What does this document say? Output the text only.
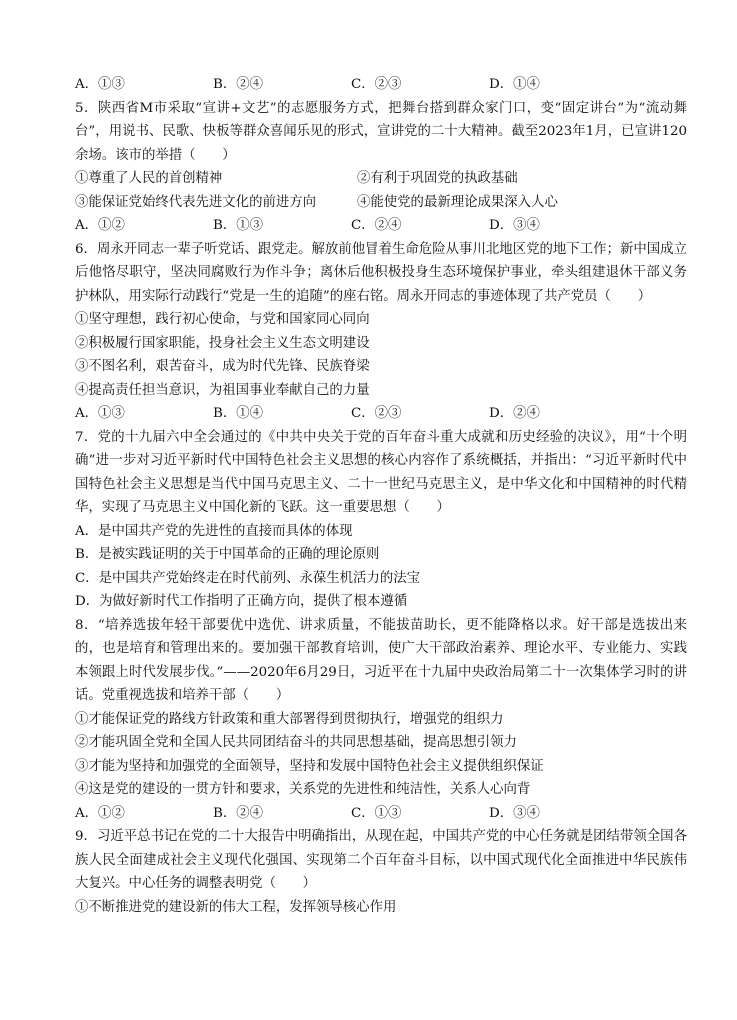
A．①③	B．②④	C．②③	D．①④
5．陕西省M市采取“宣讲+文艺”的志愿服务方式，把舞台搭到群众家门口，变“固定讲台”为“流动舞台”，用说书、民歌、快板等群众喜闻乐见的形式，宣讲党的二十大精神。截至2023年1月，已宣讲120余场。该市的举措（　　）
①尊重了人民的首创精神	②有利于巩固党的执政基础
③能保证党始终代表先进文化的前进方向	④能使党的最新理论成果深入人心
A．①②	B．①③	C．②④	D．③④
6．周永开同志一辈子听党话、跟党走。解放前他冒着生命危险从事川北地区党的地下工作；新中国成立后他恪尽职守，坚决同腐败行为作斗争；离休后他积极投身生态环境保护事业，牵头组建退休干部义务护林队，用实际行动践行“党是一生的追随”的座右铭。周永开同志的事迹体现了共产党员（　　）
①坚守理想，践行初心使命，与党和国家同心同向
②积极履行国家职能，投身社会主义生态文明建设
③不图名利，艰苦奋斗，成为时代先锋、民族脊梁
④提高责任担当意识，为祖国事业奉献自己的力量
A．①③	B．①④	C．②③	D．②④
7．党的十九届六中全会通过的《中共中央关于党的百年奋斗重大成就和历史经验的决议》，用“十个明确”进一步对习近平新时代中国特色社会主义思想的核心内容作了系统概括，并指出：“习近平新时代中国特色社会主义思想是当代中国马克思主义、二十一世纪马克思主义，是中华文化和中国精神的时代精华，实现了马克思主义中国化新的飞跃。这一重要思想（　　）
A．是中国共产党的先进性的直接而具体的体现
B．是被实践证明的关于中国革命的正确的理论原则
C．是中国共产党始终走在时代前列、永葆生机活力的法宝
D．为做好新时代工作指明了正确方向，提供了根本遵循
8．“培养选拔年轻干部要优中选优、讲求质量，不能拔苗助长，更不能降格以求。好干部是选拔出来的，也是培育和管理出来的。要加强干部教育培训，使广大干部政治素养、理论水平、专业能力、实践本领跟上时代发展步伐。”——2020年6月29日，习近平在十九届中央政治局第二十一次集体学习时的讲话。党重视选拔和培养干部（　　）
①才能保证党的路线方针政策和重大部署得到贯彻执行，增强党的组织力
②才能巩固全党和全国人民共同团结奋斗的共同思想基础，提高思想引领力
③才能为坚持和加强党的全面领导，坚持和发展中国特色社会主义提供组织保证
④这是党的建设的一贯方针和要求，关系党的先进性和纯洁性，关系人心向背
A．①②	B．②④	C．①③	D．③④
9．习近平总书记在党的二十大报告中明确指出，从现在起，中国共产党的中心任务就是团结带领全国各族人民全面建成社会主义现代化强国、实现第二个百年奋斗目标，以中国式现代化全面推进中华民族伟大复兴。中心任务的调整表明党（　　）
①不断推进党的建设新的伟大工程，发挥领导核心作用
